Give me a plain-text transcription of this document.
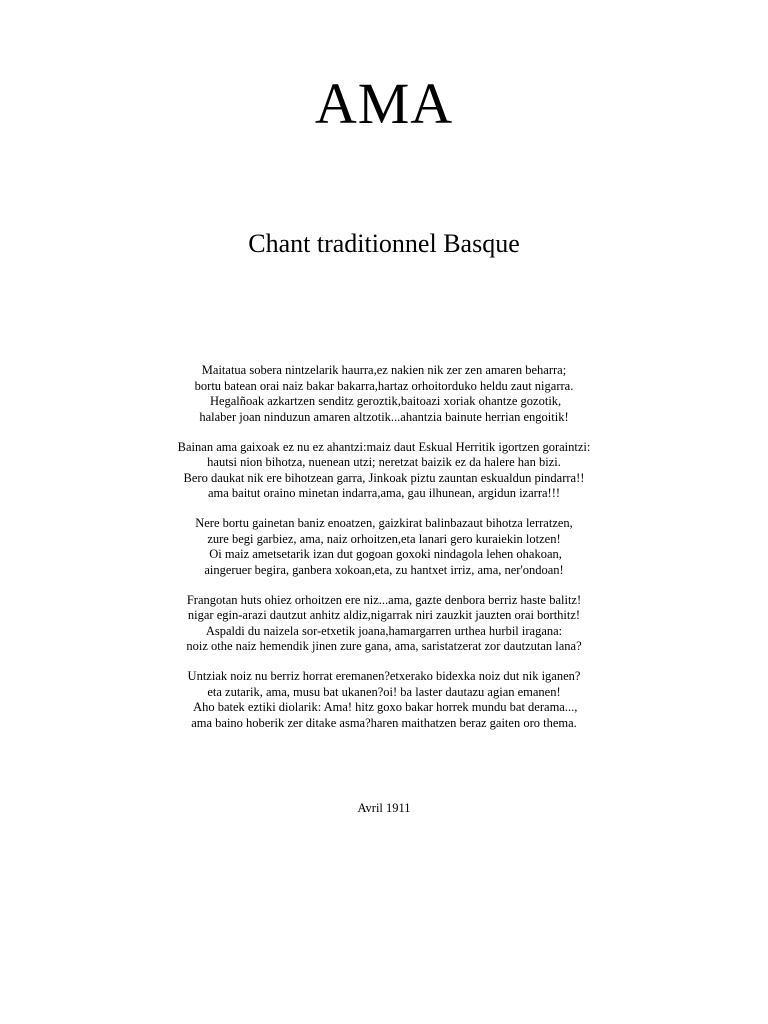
AMA
Chant traditionnel Basque
Maitatua sobera nintzelarik haurra,ez nakien nik zer zen amaren beharra;
bortu batean orai naiz bakar bakarra,hartaz orhoitorduko heldu zaut nigarra.
Hegalñoak azkartzen senditz geroztik,baitoazi xoriak ohantze gozotik,
halaber joan ninduzun amaren altzotik...ahantzia bainute herrian engoitik!
Bainan ama gaixoak ez nu ez ahantzi:maiz daut Eskual Herritik igortzen goraintzi:
hautsi nion bihotza, nuenean utzi; neretzat baizik ez da halere han bizi.
Bero daukat nik ere bihotzean garra, Jinkoak piztu zauntan eskualdun pindarra!!
ama baitut oraino minetan indarra,ama, gau ilhunean, argidun izarra!!!
Nere bortu gainetan baniz enoatzen, gaizkirat balinbazaut bihotza lerratzen,
zure begi garbiez, ama, naiz orhoitzen,eta lanari gero kuraiekin lotzen!
Oi maiz ametsetarik izan dut gogoan goxoki nindagola lehen ohakoan,
aingeruer begira, ganbera xokoan,eta, zu hantxet irriz, ama, ner'ondoan!
Frangotan huts ohiez orhoitzen ere niz...ama, gazte denbora berriz haste balitz!
nigar egin-arazi dautzut anhitz aldiz,nigarrak niri zauzkit jauzten orai borthitz!
Aspaldi du naizela sor-etxetik joana,hamargarren urthea hurbil iragana:
noiz othe naiz hemendik jinen zure gana, ama, saristatzerat zor dautzutan lana?
Untziak noiz nu berriz horrat eremanen?etxerako bidexka noiz dut nik iganen?
eta zutarik, ama, musu bat ukanen?oi! ba laster dautazu agian emanen!
Aho batek eztiki diolarik: Ama! hitz goxo bakar horrek mundu bat derama...,
ama baino hoberik zer ditake asma?haren maithatzen beraz gaiten oro thema.
Avril 1911
